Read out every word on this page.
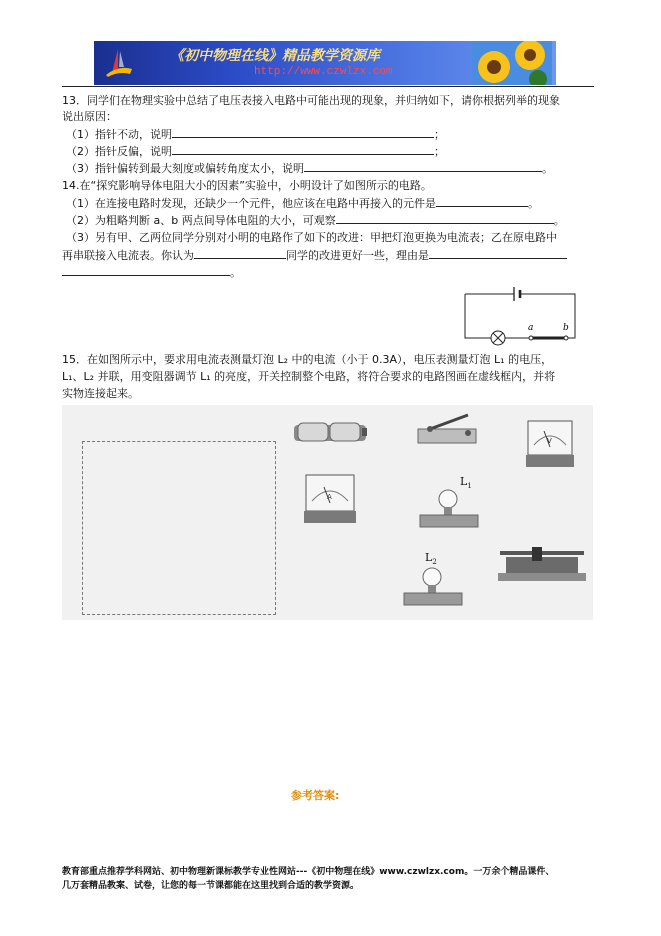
《初中物理在线》精品教学资源库
http://www.czwlzx.com
13．同学们在物理实验中总结了电压表接入电路中可能出现的现象，并归纳如下，请你根据列举的现象
说出原因：
（1）指针不动，说明	；
（2）指针反偏，说明	；
（3）指针偏转到最大刻度或偏转角度太小，说明	。
14.在“探究影响导体电阻大小的因素”实验中，小明设计了如图所示的电路。
（1）在连接电路时发现，还缺少一个元件，他应该在电路中再接入的元件是	。
（2）为粗略判断 a、b 两点间导体电阻的大小，可观察	。
（3）另有甲、乙两位同学分别对小明的电路作了如下的改进：甲把灯泡更换为电流表；乙在原电路中
再串联接入电流表。你认为	同学的改进更好一些，理由是
。
a	b
15．在如图所示中，要求用电流表测量灯泡 L₂ 中的电流（小于 0.3A），电压表测量灯泡 L₁ 的电压，
L₁、L₂ 并联，用变阻器调节 L₁ 的亮度，开关控制整个电路，将符合要求的电路图画在虚线框内，并将
实物连接起来。
V
A
$L_1$
$L_2$
参考答案:
教育部重点推荐学科网站、初中物理新课标教学专业性网站---《初中物理在线》www.czwlzx.com。一万余个精品课件、
几万套精品教案、试卷，让您的每一节课都能在这里找到合适的教学资源。
